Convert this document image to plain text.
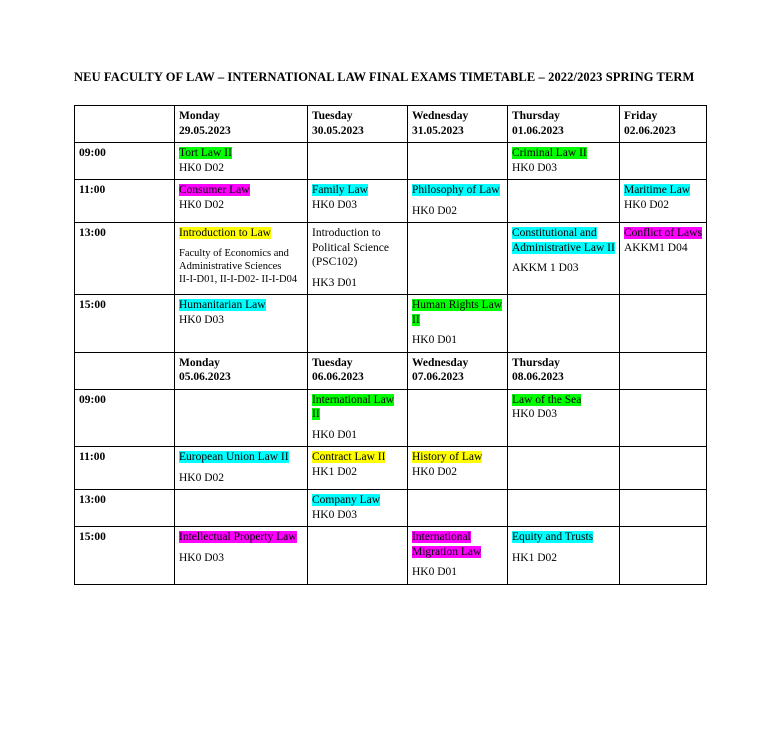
NEU FACULTY OF LAW – INTERNATIONAL LAW FINAL EXAMS TIMETABLE – 2022/2023 SPRING TERM

	Monday
29.05.2023	Tuesday
30.05.2023	Wednesday
31.05.2023	Thursday
01.06.2023	Friday
02.06.2023

09:00	Tort Law II
HK0 D02			Criminal Law II
HK0 D03	

11:00	Consumer Law
HK0 D02	Family Law
HK0 D03	Philosophy of Law
HK0 D02		Maritime Law
HK0 D02

13:00	Introduction to Law
Faculty of Economics and Administrative Sciences
II-I-D01, II-I-D02- II-I-D04
	Introduction to Political Science (PSC102)
HK3 D01
		Constitutional and Administrative Law II
AKKM 1 D03
	Conflict of Laws
AKKM1 D04

15:00	Humanitarian Law
HK0 D03		Human Rights Law II
HK0 D01		

	Monday
05.06.2023	Tuesday
06.06.2023	Wednesday
07.06.2023	Thursday
08.06.2023	

09:00		International Law II
HK0 D01		Law of the Sea
HK0 D03	

11:00	European Union Law II
HK0 D02	Contract Law II
HK1 D02	History of Law
HK0 D02		

13:00		Company Law
HK0 D03			

15:00	Intellectual Property Law
HK0 D03		International Migration Law
HK0 D01	Equity and Trusts
HK1 D02	
